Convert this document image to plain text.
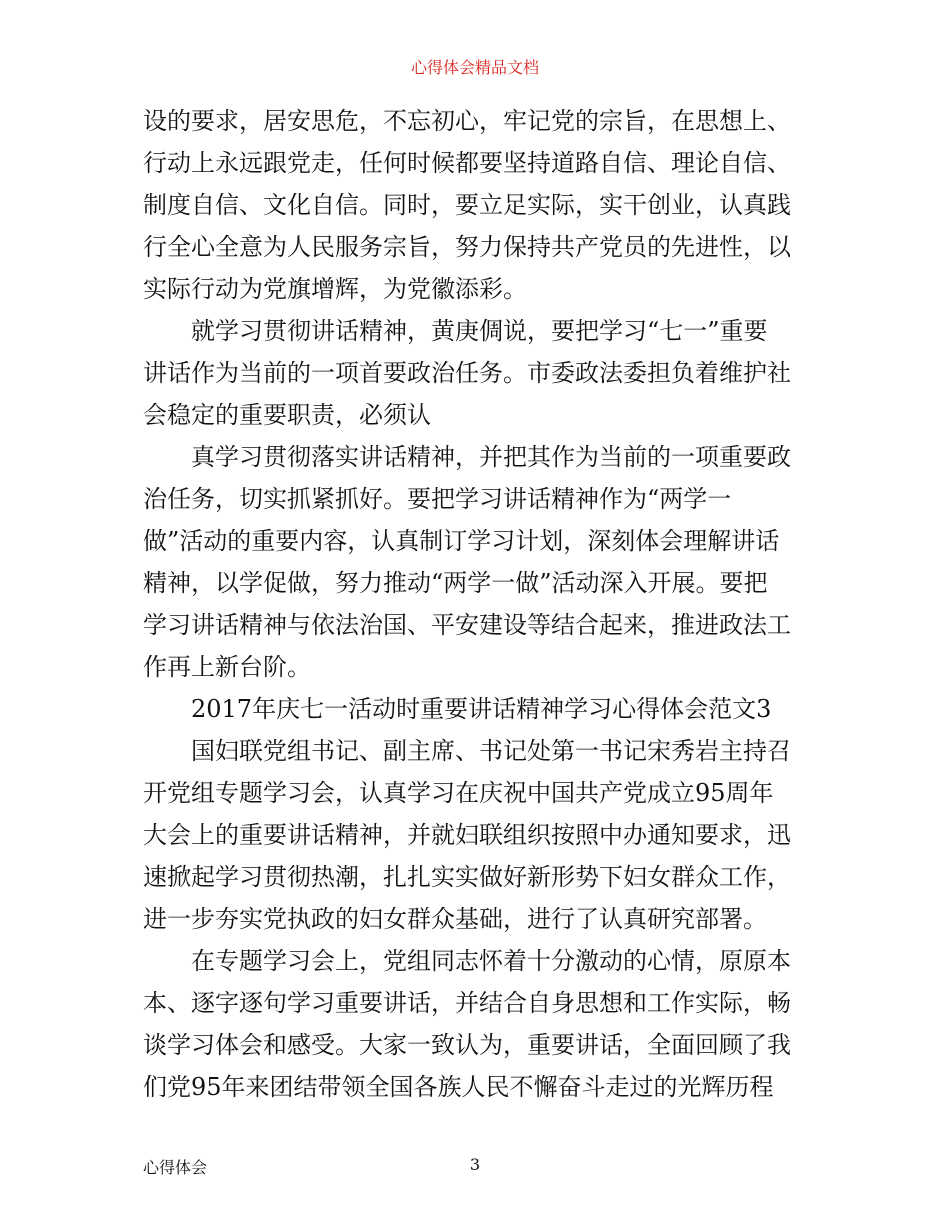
心得体会精品文档
设的要求，居安思危，不忘初心，牢记党的宗旨，在思想上、
行动上永远跟党走，任何时候都要坚持道路自信、理论自信、
制度自信、文化自信。同时，要立足实际，实干创业，认真践
行全心全意为人民服务宗旨，努力保持共产党员的先进性，以
实际行动为党旗增辉，为党徽添彩。
　　就学习贯彻讲话精神，黄庚倜说，要把学习“七一”重要
讲话作为当前的一项首要政治任务。市委政法委担负着维护社
会稳定的重要职责，必须认
　　真学习贯彻落实讲话精神，并把其作为当前的一项重要政
治任务，切实抓紧抓好。要把学习讲话精神作为“两学一
做”活动的重要内容，认真制订学习计划，深刻体会理解讲话
精神，以学促做，努力推动“两学一做”活动深入开展。要把
学习讲话精神与依法治国、平安建设等结合起来，推进政法工
作再上新台阶。
　　2017年庆七一活动时重要讲话精神学习心得体会范文3
　　国妇联党组书记、副主席、书记处第一书记宋秀岩主持召
开党组专题学习会，认真学习在庆祝中国共产党成立95周年
大会上的重要讲话精神，并就妇联组织按照中办通知要求，迅
速掀起学习贯彻热潮，扎扎实实做好新形势下妇女群众工作，
进一步夯实党执政的妇女群众基础，进行了认真研究部署。
　　在专题学习会上，党组同志怀着十分激动的心情，原原本
本、逐字逐句学习重要讲话，并结合自身思想和工作实际，畅
谈学习体会和感受。大家一致认为，重要讲话，全面回顾了我
们党95年来团结带领全国各族人民不懈奋斗走过的光辉历程
心得体会	3
